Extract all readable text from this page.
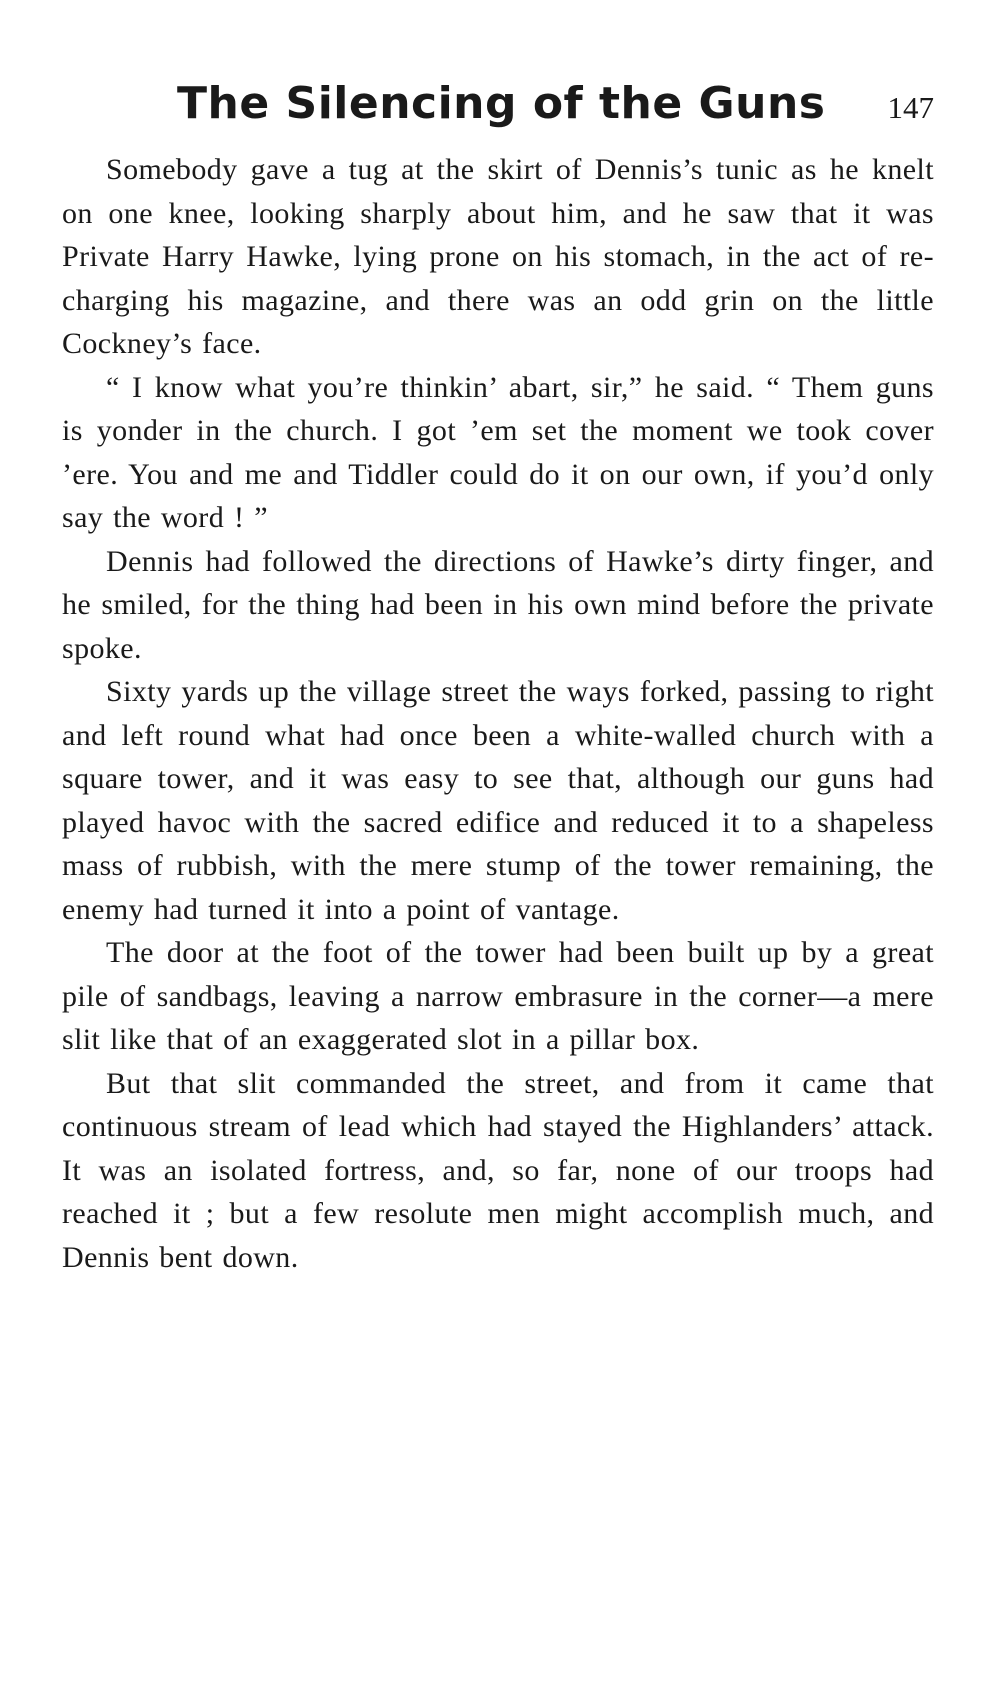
The Silencing of the Guns 147

Somebody gave a tug at the skirt of Dennis’s tunic as he knelt on one knee, looking sharply about him, and he saw that it was Private Harry Hawke, lying prone on his stomach, in the act of re-charging his magazine, and there was an odd grin on the little Cockney’s face.

“ I know what you’re thinkin’ abart, sir,” he said. “ Them guns is yonder in the church. I got ’em set the moment we took cover ’ere. You and me and Tiddler could do it on our own, if you’d only say the word ! ”

Dennis had followed the directions of Hawke’s dirty finger, and he smiled, for the thing had been in his own mind before the private spoke.

Sixty yards up the village street the ways forked, passing to right and left round what had once been a white-walled church with a square tower, and it was easy to see that, although our guns had played havoc with the sacred edifice and reduced it to a shapeless mass of rubbish, with the mere stump of the tower remaining, the enemy had turned it into a point of vantage.

The door at the foot of the tower had been built up by a great pile of sandbags, leaving a narrow embrasure in the corner—a mere slit like that of an exaggerated slot in a pillar box.

But that slit commanded the street, and from it came that continuous stream of lead which had stayed the Highlanders’ attack. It was an isolated fortress, and, so far, none of our troops had reached it ; but a few resolute men might accomplish much, and Dennis bent down.
